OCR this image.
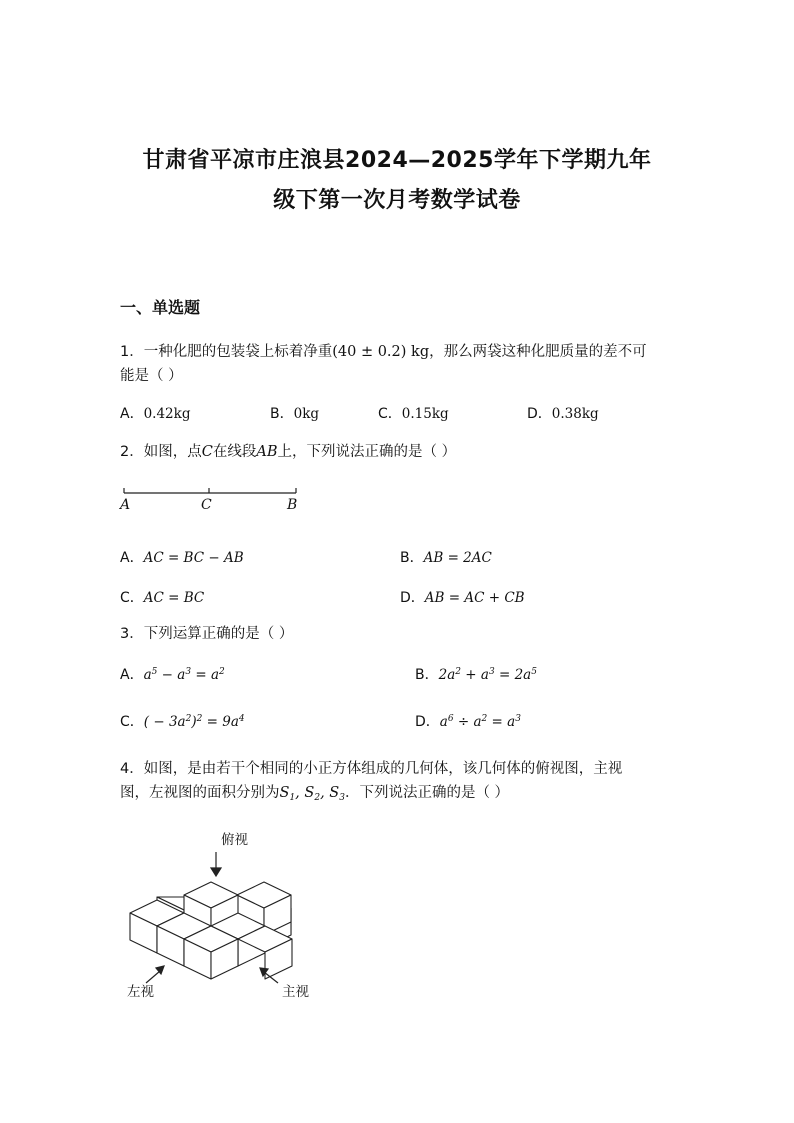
甘肃省平凉市庄浪县2024—2025学年下学期九年
级下第一次月考数学试卷
一、单选题
1．一种化肥的包装袋上标着净重(40 ± 0.2) kg，那么两袋这种化肥质量的差不可
能是（ ）
A．0.42kg	B．0kg	C．0.15kg	D．0.38kg
2．如图，点C在线段AB上，下列说法正确的是（ ）
A	C	B
A．AC = BC − AB	B．AB = 2AC
C．AC = BC	D．AB = AC + CB
3．下列运算正确的是（ ）
A．$a^5 - a^3 = a^2$	B．$2a^2 + a^3 = 2a^5$
C．( − $3a^2)^2 = 9a^4$	D．$a^6 \div a^2 = a^3$
4．如图，是由若干个相同的小正方体组成的几何体，该几何体的俯视图，主视
图，左视图的面积分别为$S_1$, $S_2$, $S_3$．下列说法正确的是（ ）
俯视
左视	主视
